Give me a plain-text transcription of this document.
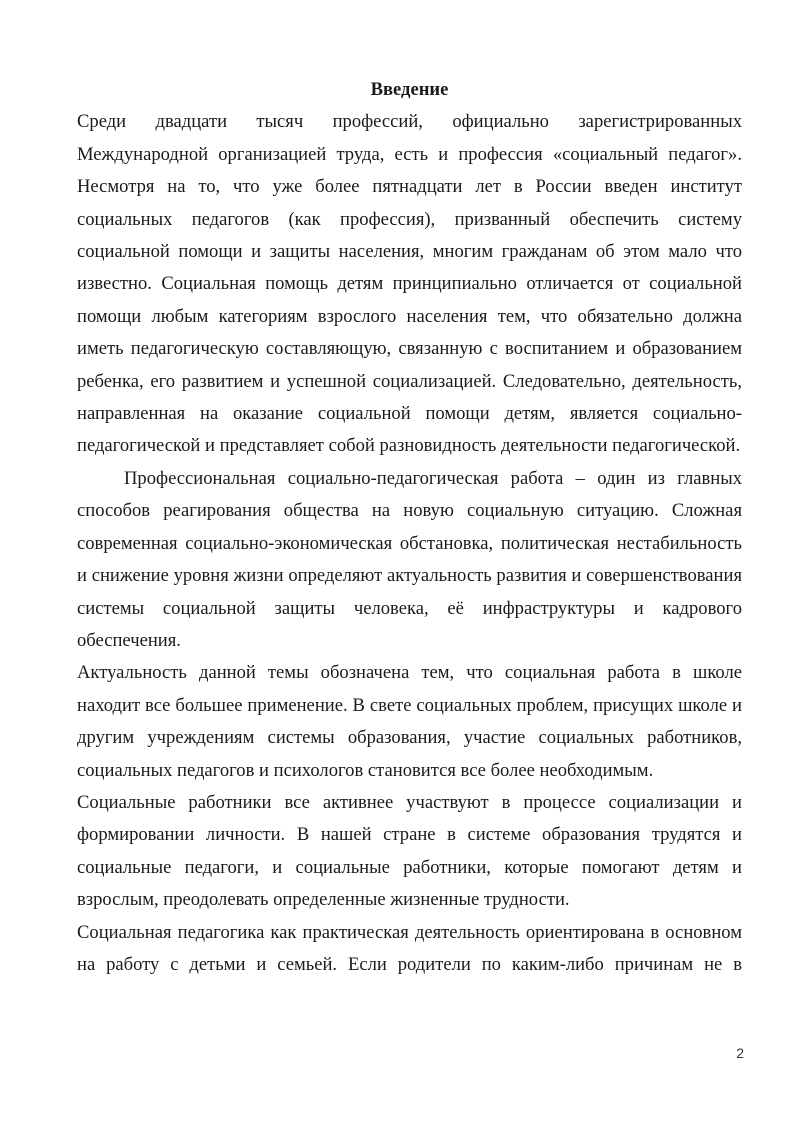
Введение

Среди двадцати тысяч профессий, официально зарегистрированных Международной организацией труда, есть и профессия «социальный педагог». Несмотря на то, что уже более пятнадцати лет в России введен институт социальных педагогов (как профессия), призванный обеспечить систему социальной помощи и защиты населения, многим гражданам об этом мало что известно. Социальная помощь детям принципиально отличается от социальной помощи любым категориям взрослого населения тем, что обязательно должна иметь педагогическую составляющую, связанную с воспитанием и образованием ребенка, его развитием и успешной социализацией. Следовательно, деятельность, направленная на оказание социальной помощи детям, является социально-педагогической и представляет собой разновидность деятельности педагогической.

Профессиональная социально-педагогическая работа – один из главных способов реагирования общества на новую социальную ситуацию. Сложная современная социально-экономическая обстановка, политическая нестабильность и снижение уровня жизни определяют актуальность развития и совершенствования системы социальной защиты человека, её инфраструктуры и кадрового обеспечения.

Актуальность данной темы обозначена тем, что социальная работа в школе находит все большее применение. В свете социальных проблем, присущих школе и другим учреждениям системы образования, участие социальных работников, социальных педагогов и психологов становится все более необходимым.

Социальные работники все активнее участвуют в процессе социализации и формировании личности. В нашей стране в системе образования трудятся и социальные педагоги, и социальные работники, которые помогают детям и взрослым, преодолевать определенные жизненные трудности.

Социальная педагогика как практическая деятельность ориентирована в основном на работу с детьми и семьей. Если родители по каким-либо причинам не в

2
